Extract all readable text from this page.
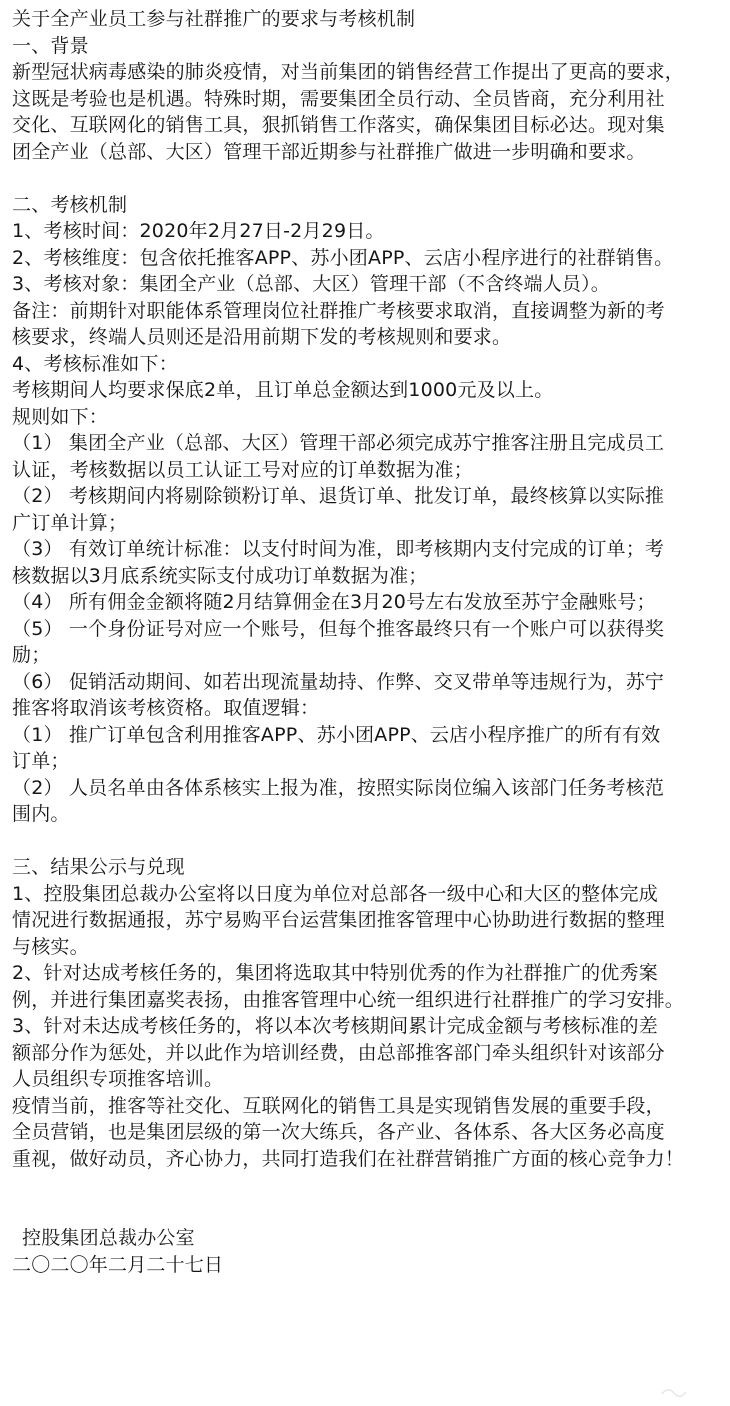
关于全产业员工参与社群推广的要求与考核机制

一、背景

新型冠状病毒感染的肺炎疫情，对当前集团的销售经营工作提出了更高的要求，

这既是考验也是机遇。特殊时期，需要集团全员行动、全员皆商，充分利用社

交化、互联网化的销售工具，狠抓销售工作落实，确保集团目标必达。现对集

团全产业（总部、大区）管理干部近期参与社群推广做进一步明确和要求。

二、考核机制

1、考核时间：2020年2月27日-2月29日。

2、考核维度：包含依托推客APP、苏小团APP、云店小程序进行的社群销售。

3、考核对象：集团全产业（总部、大区）管理干部（不含终端人员）。

备注：前期针对职能体系管理岗位社群推广考核要求取消，直接调整为新的考

核要求，终端人员则还是沿用前期下发的考核规则和要求。

4、考核标准如下：

考核期间人均要求保底2单，且订单总金额达到1000元及以上。

规则如下：

（1） 集团全产业（总部、大区）管理干部必须完成苏宁推客注册且完成员工

认证，考核数据以员工认证工号对应的订单数据为准；

（2） 考核期间内将剔除锁粉订单、退货订单、批发订单，最终核算以实际推

广订单计算；

（3） 有效订单统计标准：以支付时间为准，即考核期内支付完成的订单；考

核数据以3月底系统实际支付成功订单数据为准；

（4） 所有佣金金额将随2月结算佣金在3月20号左右发放至苏宁金融账号；

（5） 一个身份证号对应一个账号，但每个推客最终只有一个账户可以获得奖

励；

（6） 促销活动期间、如若出现流量劫持、作弊、交叉带单等违规行为，苏宁

推客将取消该考核资格。取值逻辑：

（1） 推广订单包含利用推客APP、苏小团APP、云店小程序推广的所有有效

订单；

（2） 人员名单由各体系核实上报为准，按照实际岗位编入该部门任务考核范

围内。

三、结果公示与兑现

1、控股集团总裁办公室将以日度为单位对总部各一级中心和大区的整体完成

情况进行数据通报，苏宁易购平台运营集团推客管理中心协助进行数据的整理

与核实。

2、针对达成考核任务的，集团将选取其中特别优秀的作为社群推广的优秀案

例，并进行集团嘉奖表扬，由推客管理中心统一组织进行社群推广的学习安排。

3、针对未达成考核任务的，将以本次考核期间累计完成金额与考核标准的差

额部分作为惩处，并以此作为培训经费，由总部推客部门牵头组织针对该部分

人员组织专项推客培训。

疫情当前，推客等社交化、互联网化的销售工具是实现销售发展的重要手段，

全员营销，也是集团层级的第一次大练兵，各产业、各体系、各大区务必高度

重视，做好动员，齐心协力，共同打造我们在社群营销推广方面的核心竞争力！

控股集团总裁办公室

二〇二〇年二月二十七日
